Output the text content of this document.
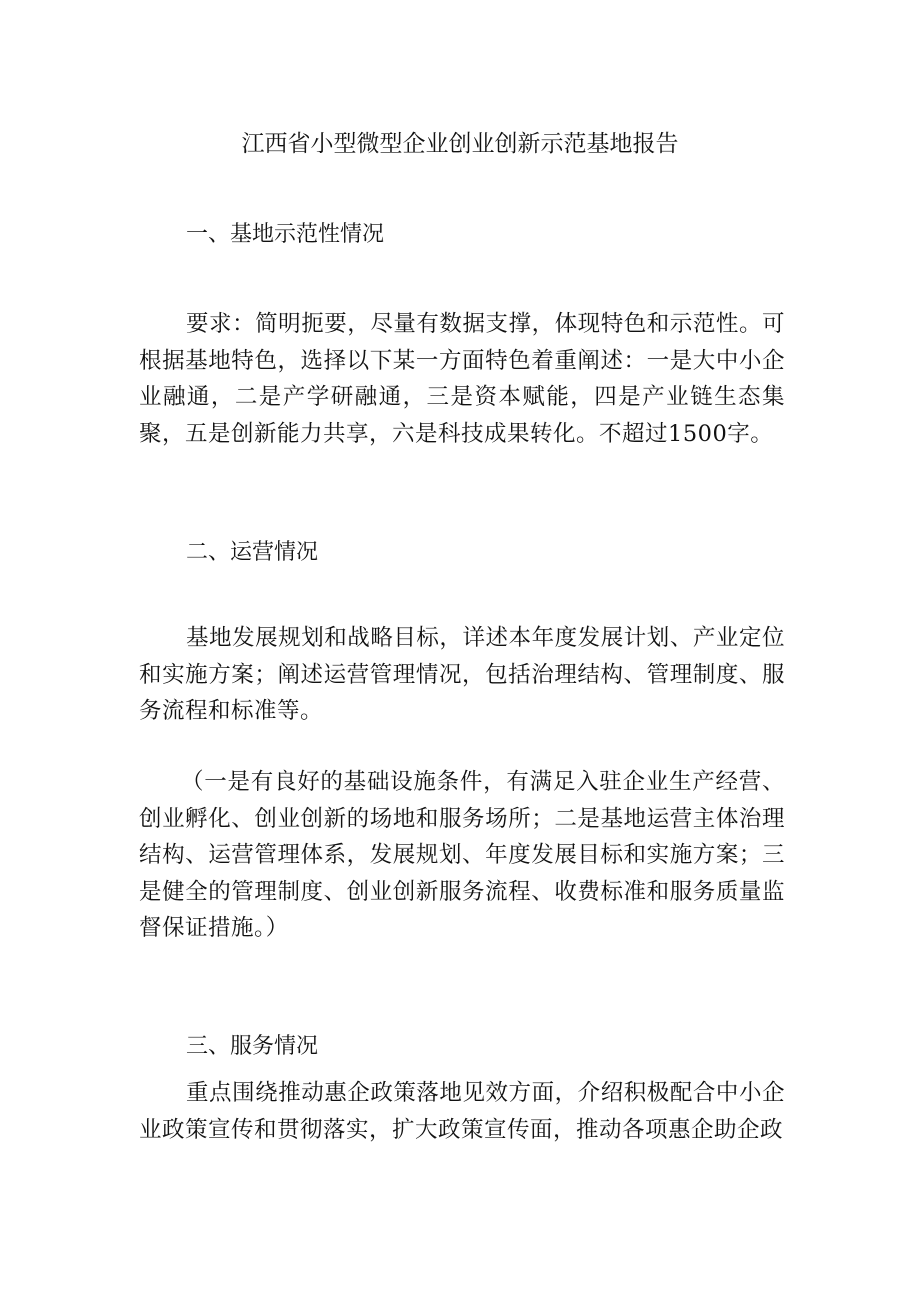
江西省小型微型企业创业创新示范基地报告
一、基地示范性情况

要求：简明扼要，尽量有数据支撑，体现特色和示范性。可根据基地特色，选择以下某一方面特色着重阐述：一是大中小企业融通，二是产学研融通，三是资本赋能，四是产业链生态集聚，五是创新能力共享，六是科技成果转化。不超过1500字。

二、运营情况

基地发展规划和战略目标，详述本年度发展计划、产业定位和实施方案；阐述运营管理情况，包括治理结构、管理制度、服务流程和标准等。

（一是有良好的基础设施条件，有满足入驻企业生产经营、创业孵化、创业创新的场地和服务场所；二是基地运营主体治理结构、运营管理体系，发展规划、年度发展目标和实施方案；三是健全的管理制度、创业创新服务流程、收费标准和服务质量监督保证措施。）

三、服务情况

重点围绕推动惠企政策落地见效方面，介绍积极配合中小企业政策宣传和贯彻落实，扩大政策宣传面，推动各项惠企助企政
